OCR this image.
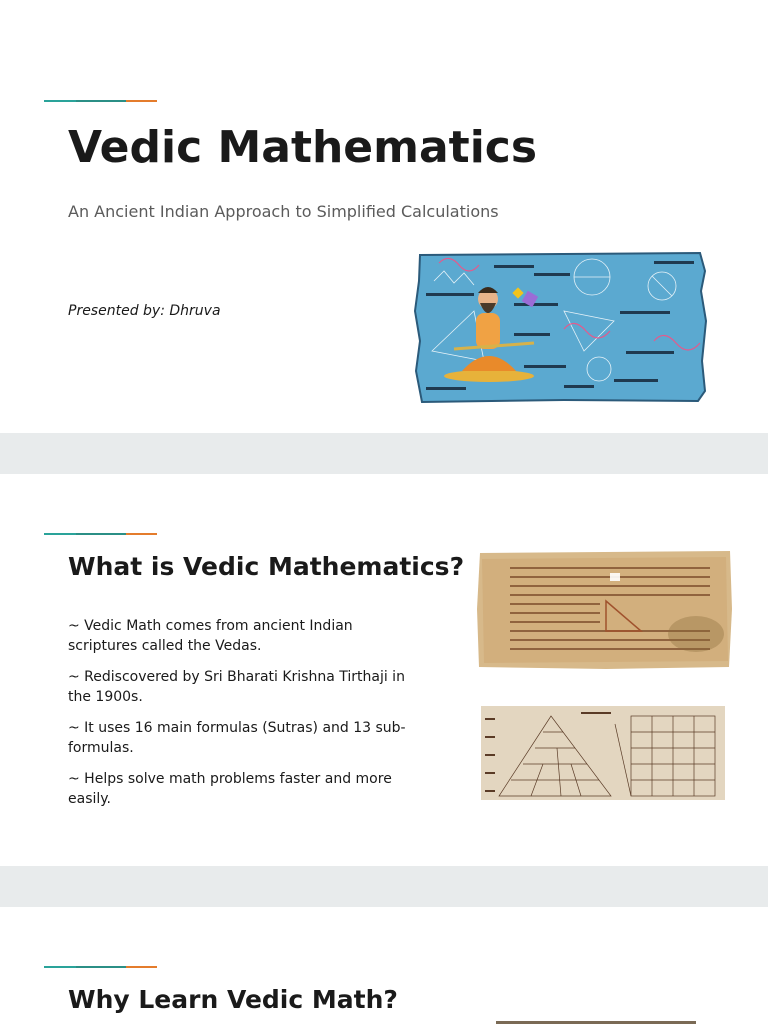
Vedic Mathematics
An Ancient Indian Approach to Simplified Calculations
Presented by: Dhruva
What is Vedic Mathematics?
~ Vedic Math comes from ancient Indian scriptures called the Vedas.
~ Rediscovered by Sri Bharati Krishna Tirthaji in the 1900s.
~ It uses 16 main formulas (Sutras) and 13 sub-formulas.
~ Helps solve math problems faster and more easily.
Why Learn Vedic Math?
